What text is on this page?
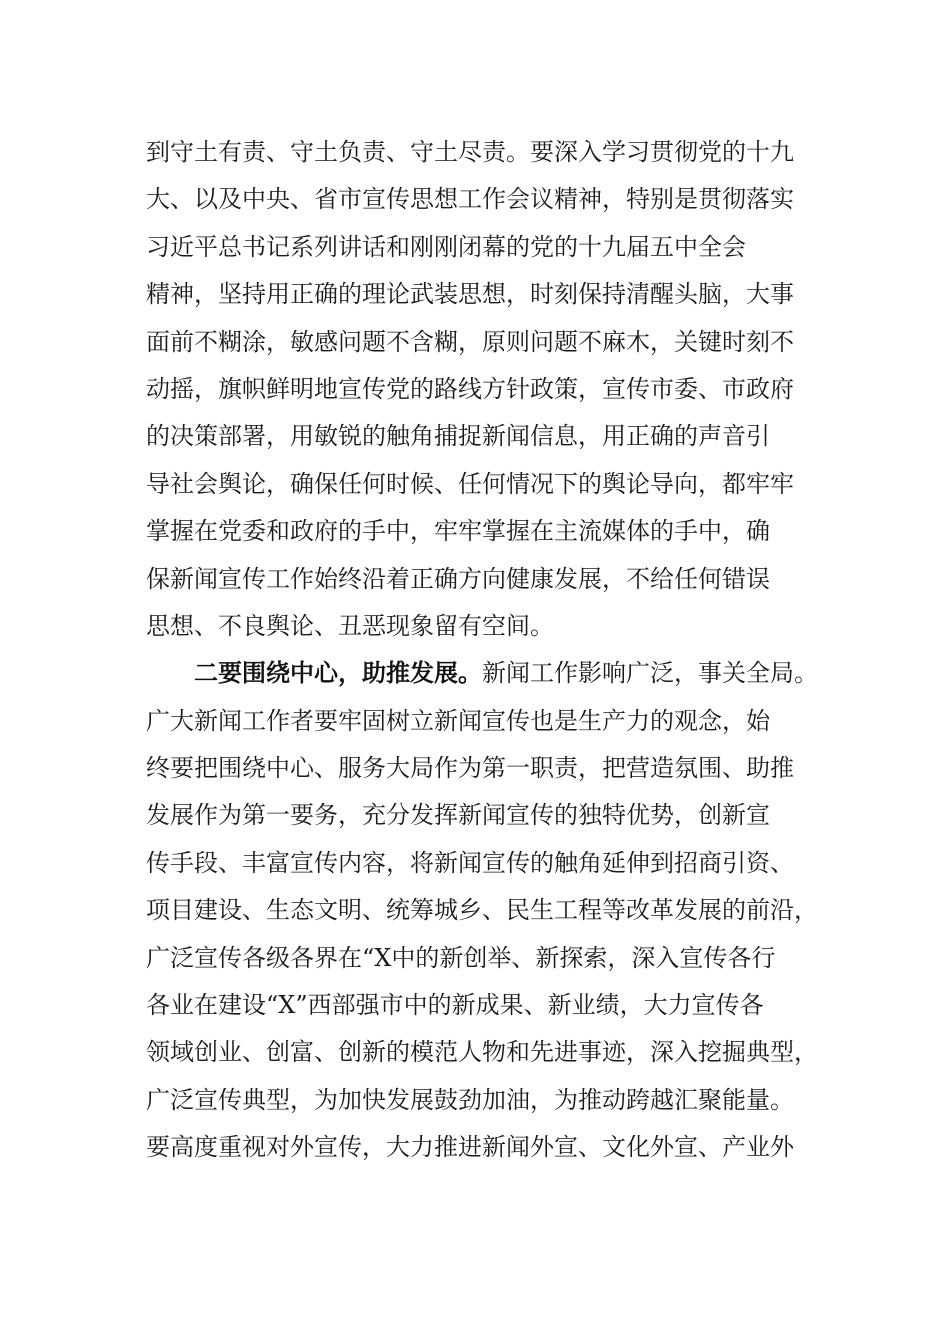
到守土有责、守土负责、守土尽责。要深入学习贯彻党的十九
大、以及中央、省市宣传思想工作会议精神，特别是贯彻落实
习近平总书记系列讲话和刚刚闭幕的党的十九届五中全会
精神，坚持用正确的理论武装思想，时刻保持清醒头脑，大事
面前不糊涂，敏感问题不含糊，原则问题不麻木，关键时刻不
动摇，旗帜鲜明地宣传党的路线方针政策，宣传市委、市政府
的决策部署，用敏锐的触角捕捉新闻信息，用正确的声音引
导社会舆论，确保任何时候、任何情况下的舆论导向，都牢牢
掌握在党委和政府的手中，牢牢掌握在主流媒体的手中，确
保新闻宣传工作始终沿着正确方向健康发展，不给任何错误
思想、不良舆论、丑恶现象留有空间。
二要围绕中心，助推发展。新闻工作影响广泛，事关全局。
广大新闻工作者要牢固树立新闻宣传也是生产力的观念，始
终要把围绕中心、服务大局作为第一职责，把营造氛围、助推
发展作为第一要务，充分发挥新闻宣传的独特优势，创新宣
传手段、丰富宣传内容，将新闻宣传的触角延伸到招商引资、
项目建设、生态文明、统筹城乡、民生工程等改革发展的前沿，
广泛宣传各级各界在“X中的新创举、新探索，深入宣传各行
各业在建设“X”西部强市中的新成果、新业绩，大力宣传各
领域创业、创富、创新的模范人物和先进事迹，深入挖掘典型，
广泛宣传典型，为加快发展鼓劲加油，为推动跨越汇聚能量。
要高度重视对外宣传，大力推进新闻外宣、文化外宣、产业外
